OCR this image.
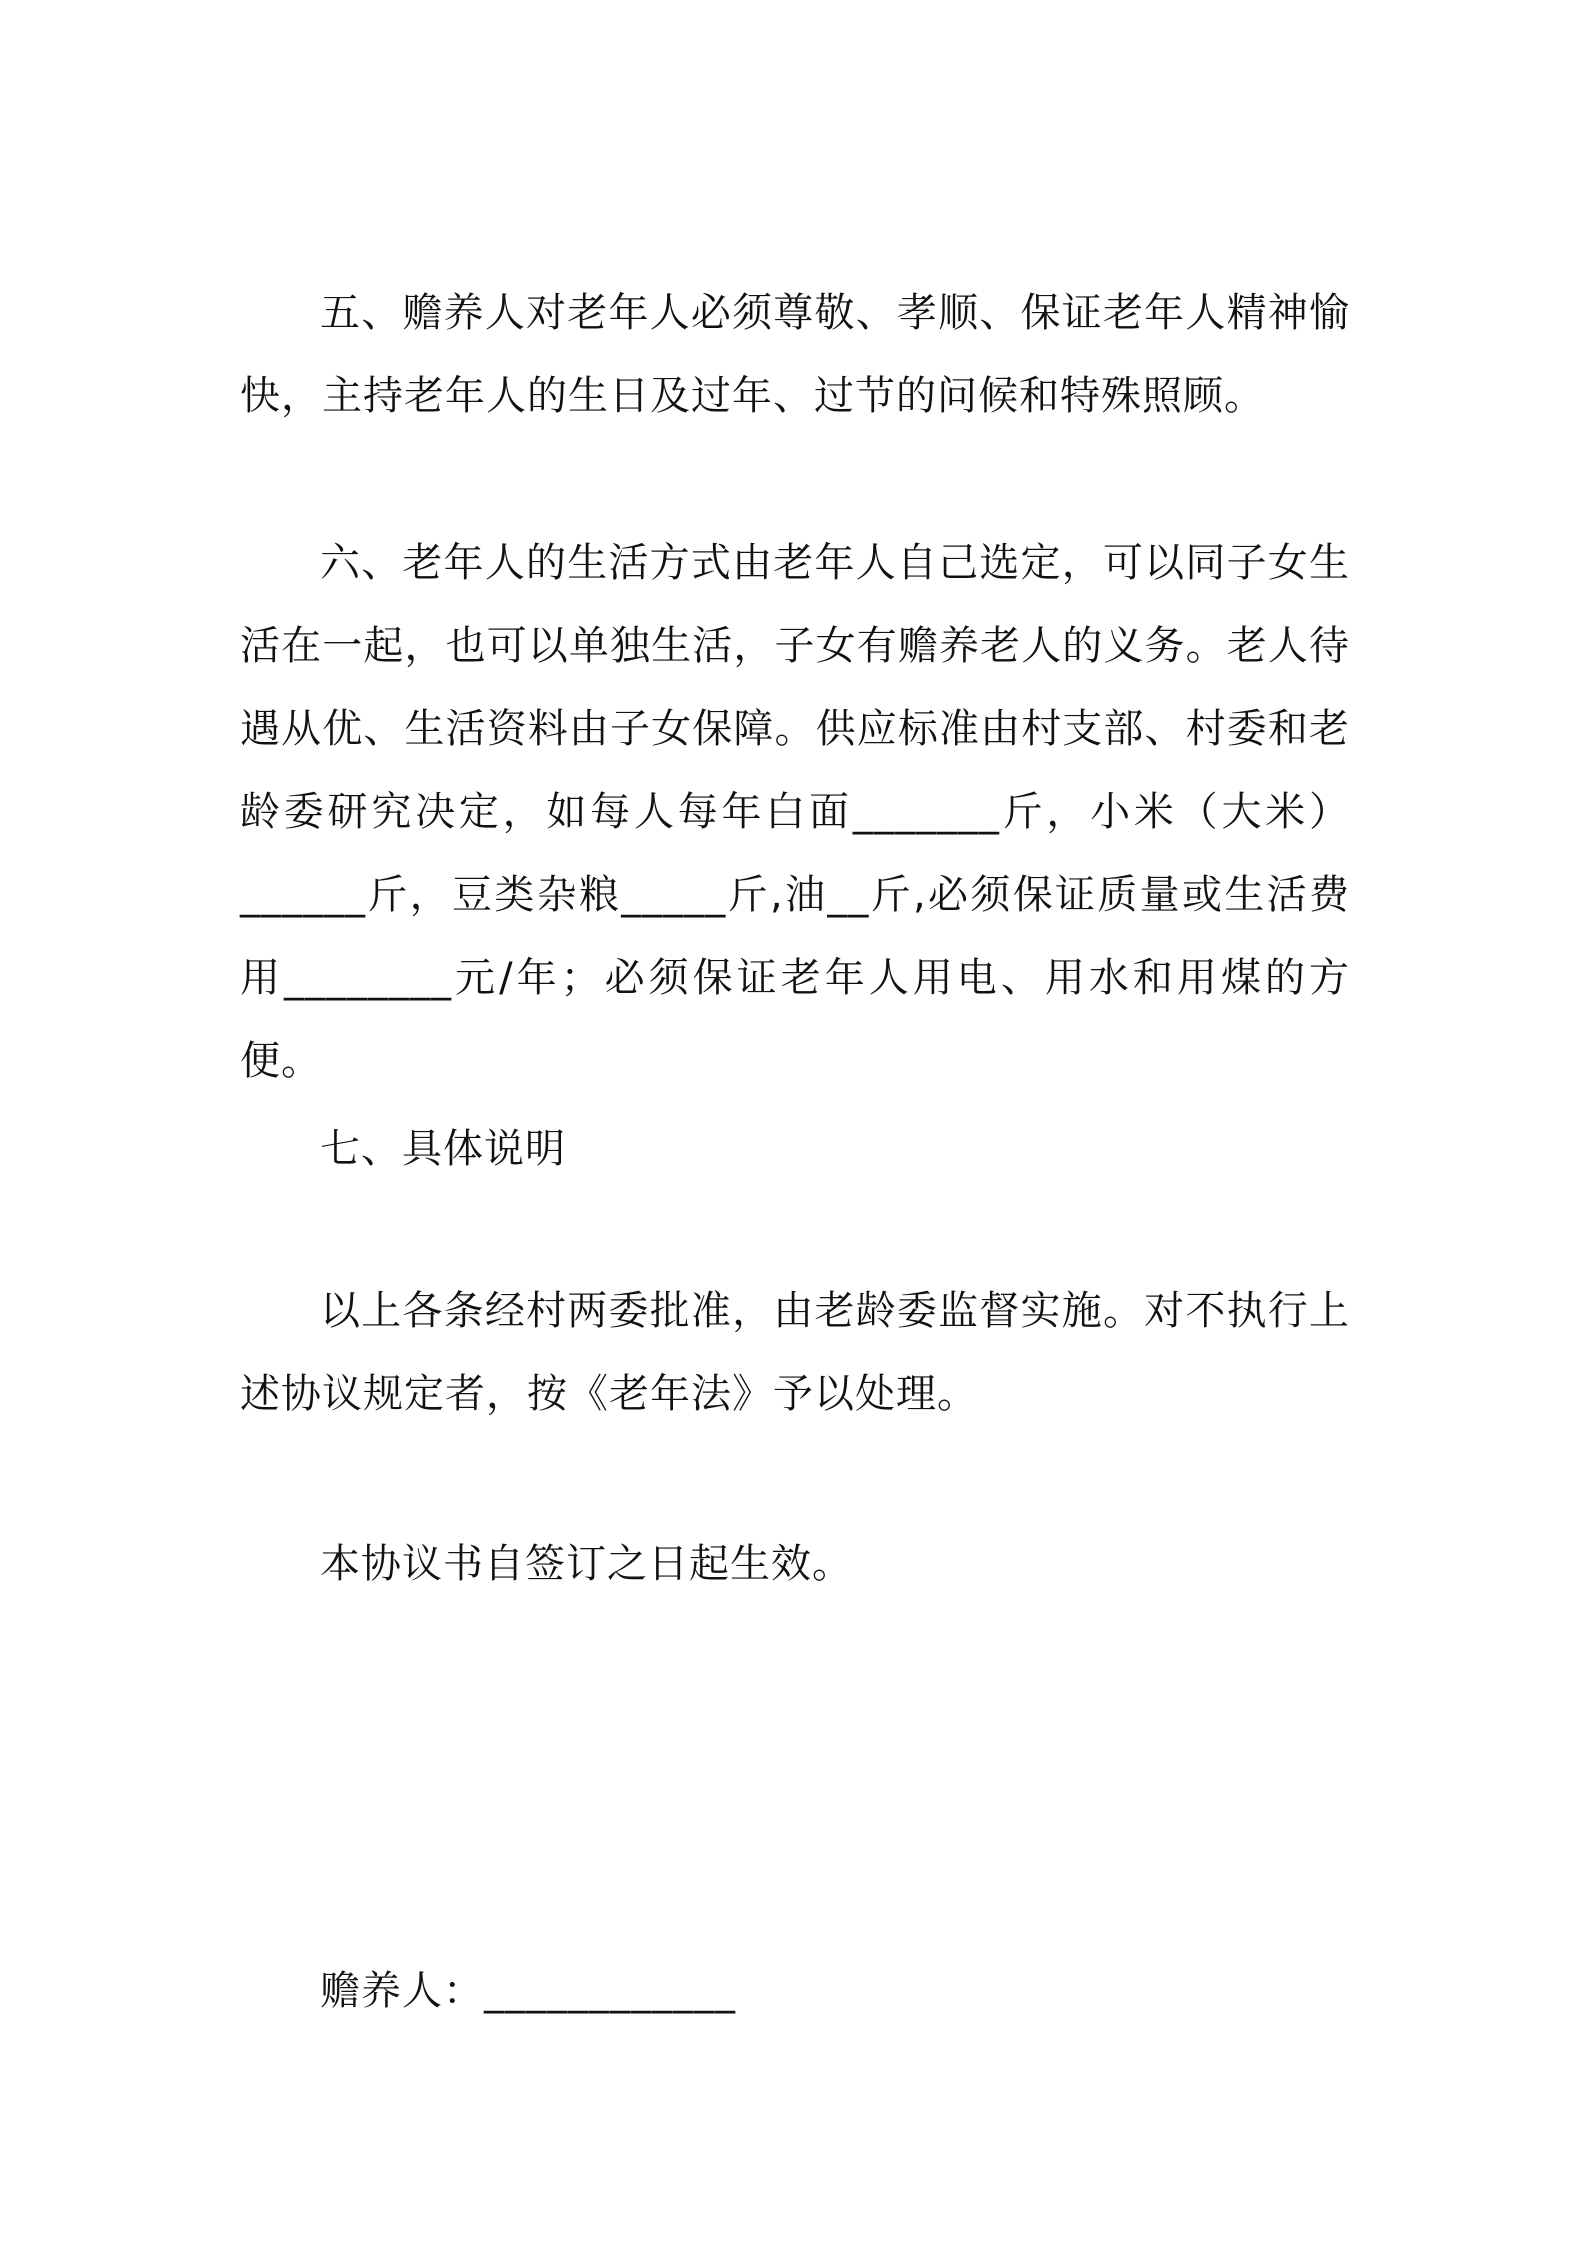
五、赡养人对老年人必须尊敬、孝顺、保证老年人精神愉快，主持老年人的生日及过年、过节的问候和特殊照顾。

六、老年人的生活方式由老年人自己选定，可以同子女生活在一起，也可以单独生活，子女有赡养老人的义务。老人待遇从优、生活资料由子女保障。供应标准由村支部、村委和老龄委研究决定，如每人每年白面_______斤，小米（大米）______斤，豆类杂粮_____斤,油__斤,必须保证质量或生活费用________元/年；必须保证老年人用电、用水和用煤的方便。

七、具体说明

以上各条经村两委批准，由老龄委监督实施。对不执行上述协议规定者，按《老年法》予以处理。

本协议书自签订之日起生效。

赡养人：____________
